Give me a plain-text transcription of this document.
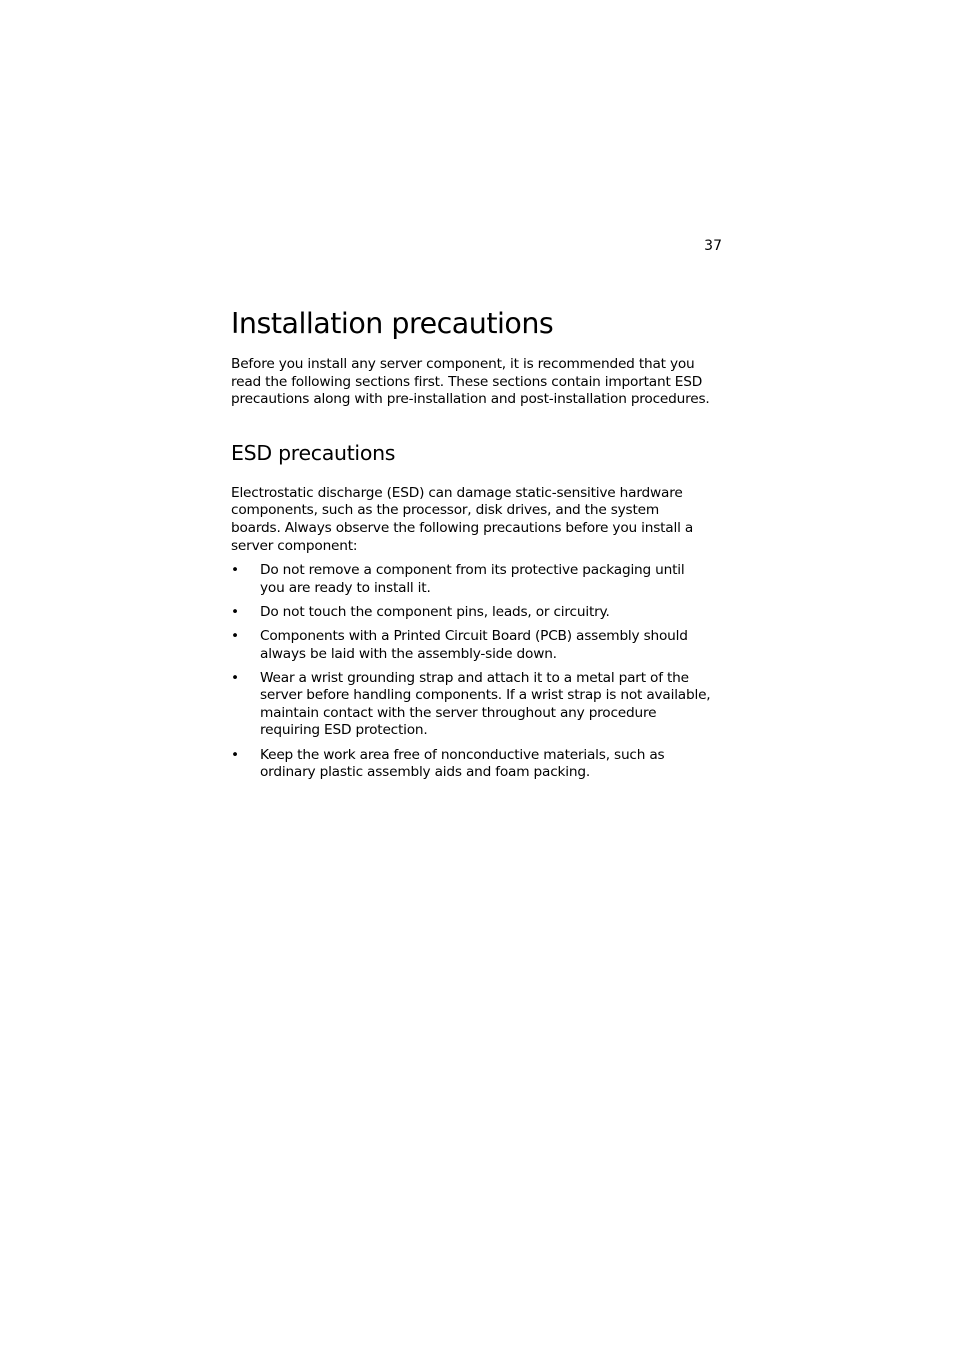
37
Installation precautions

Before you install any server component, it is recommended that you read the following sections first. These sections contain important ESD precautions along with pre-installation and post-installation procedures.

ESD precautions

Electrostatic discharge (ESD) can damage static-sensitive hardware components, such as the processor, disk drives, and the system boards. Always observe the following precautions before you install a server component:

• Do not remove a component from its protective packaging until you are ready to install it.
• Do not touch the component pins, leads, or circuitry.
• Components with a Printed Circuit Board (PCB) assembly should always be laid with the assembly-side down.
• Wear a wrist grounding strap and attach it to a metal part of the server before handling components. If a wrist strap is not available, maintain contact with the server throughout any procedure requiring ESD protection.
• Keep the work area free of nonconductive materials, such as ordinary plastic assembly aids and foam packing.
